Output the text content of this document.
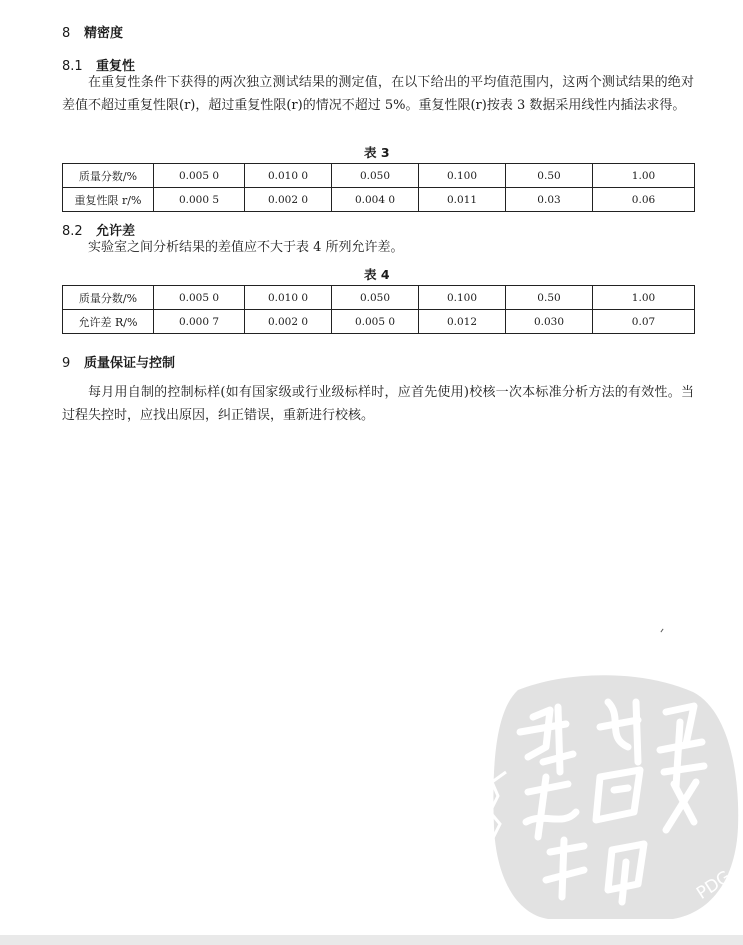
8 精密度
8.1 重复性
在重复性条件下获得的两次独立测试结果的测定值，在以下给出的平均值范围内，这两个测试结果的绝对差值不超过重复性限(r)，超过重复性限(r)的情况不超过 5%。重复性限(r)按表 3 数据采用线性内插法求得。
表 3
质量分数/%	0.005 0	0.010 0	0.050	0.100	0.50	1.00
重复性限 r/%	0.000 5	0.002 0	0.004 0	0.011	0.03	0.06
8.2 允许差
实验室之间分析结果的差值应不大于表 4 所列允许差。
表 4
质量分数/%	0.005 0	0.010 0	0.050	0.100	0.50	1.00
允许差 R/%	0.000 7	0.002 0	0.005 0	0.012	0.030	0.07
9 质量保证与控制
每月用自制的控制标样(如有国家级或行业级标样时，应首先使用)校核一次本标准分析方法的有效性。当过程失控时，应找出原因，纠正错误，重新进行校核。
PDG
